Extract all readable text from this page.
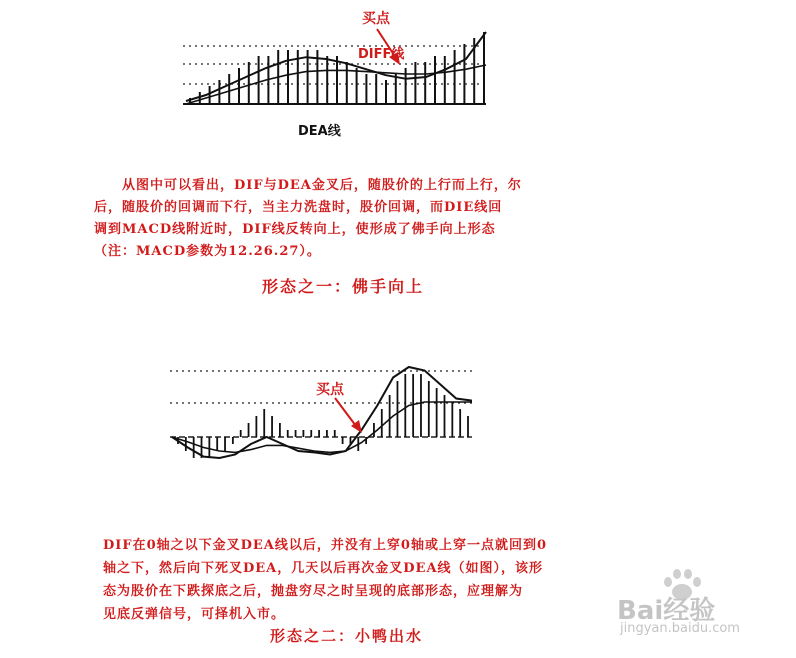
买点
DIFF线
DEA线
从图中可以看出，DIF与DEA金叉后，随股价的上行而上行，尔
后，随股价的回调而下行，当主力洗盘时，股价回调，而DIE线回
调到MACD线附近时，DIF线反转向上，使形成了佛手向上形态
（注：MACD参数为12.26.27）。
形态之一：佛手向上
买点
DIF在0轴之以下金叉DEA线以后，并没有上穿0轴或上穿一点就回到0
轴之下，然后向下死叉DEA，几天以后再次金叉DEA线（如图），该形
态为股价在下跌探底之后，抛盘穷尽之时呈现的底部形态，应理解为
见底反弹信号，可择机入市。
形态之二：小鸭出水
Bai经验
jingyan.baidu.com
